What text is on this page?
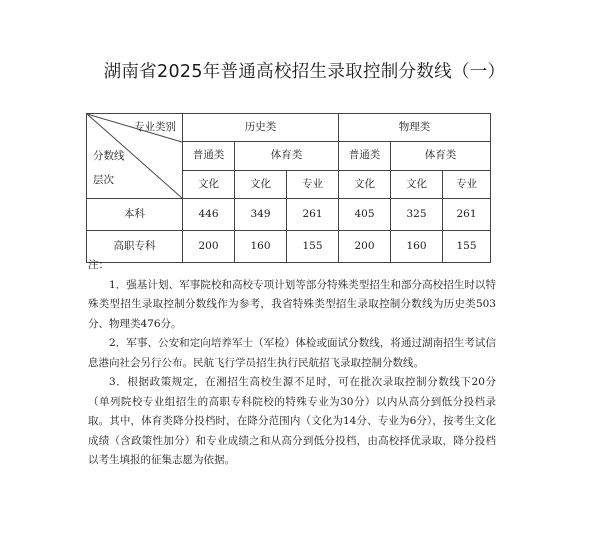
湖南省2025年普通高校招生录取控制分数线（一）
专业类别
分数线
层次	历史类			物理类		
	普通类	体育类		普通类	体育类	
	文化	文化	专业	文化	文化	专业
本科	446	349	261	405	325	261
高职专科	200	160	155	200	160	155

注：

1．强基计划、军事院校和高校专项计划等部分特殊类型招生和部分高校招生时以特殊类型招生录取控制分数线作为参考，我省特殊类型招生录取控制分数线为历史类503分、物理类476分。

2．军事、公安和定向培养军士（军检）体检或面试分数线，将通过湖南招生考试信息港向社会另行公布。民航飞行学员招生执行民航招飞录取控制分数线。

3．根据政策规定，在湘招生高校生源不足时，可在批次录取控制分数线下20分（单列院校专业组招生的高职专科院校的特殊专业为30分）以内从高分到低分投档录取。其中，体育类降分投档时，在降分范围内（文化为14分、专业为6分），按考生文化成绩（含政策性加分）和专业成绩之和从高分到低分投档，由高校择优录取，降分投档以考生填报的征集志愿为依据。
